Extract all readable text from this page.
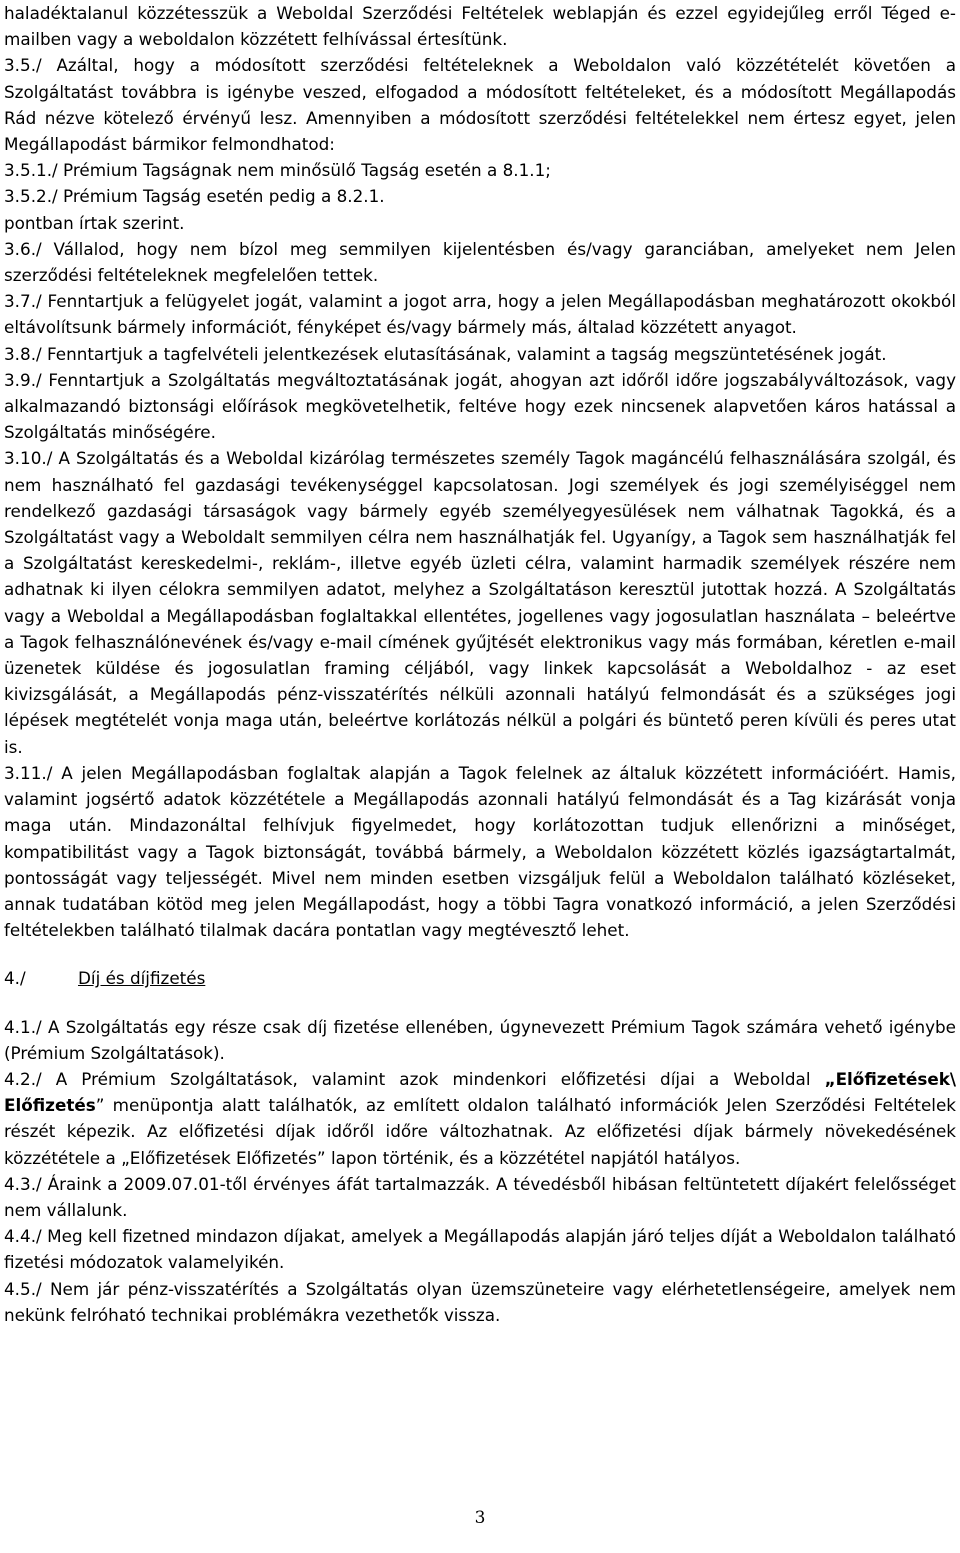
haladéktalanul közzétesszük a Weboldal Szerződési Feltételek weblapján és ezzel egyidejűleg erről Téged e-mailben vagy a weboldalon közzétett felhívással értesítünk.

3.5./ Azáltal, hogy a módosított szerződési feltételeknek a Weboldalon való közzétételét követően a Szolgáltatást továbbra is igénybe veszed, elfogadod a módosított feltételeket, és a módosított Megállapodás Rád nézve kötelező érvényű lesz. Amennyiben a módosított szerződési feltételekkel nem értesz egyet, jelen Megállapodást bármikor felmondhatod:

3.5.1./ Prémium Tagságnak nem minősülő Tagság esetén a 8.1.1;

3.5.2./ Prémium Tagság esetén pedig a 8.2.1.

pontban írtak szerint.

3.6./ Vállalod, hogy nem bízol meg semmilyen kijelentésben és/vagy garanciában, amelyeket nem Jelen szerződési feltételeknek megfelelően tettek.

3.7./ Fenntartjuk a felügyelet jogát, valamint a jogot arra, hogy a jelen Megállapodásban meghatározott okokból eltávolítsunk bármely információt, fényképet és/vagy bármely más, általad közzétett anyagot.

3.8./ Fenntartjuk a tagfelvételi jelentkezések elutasításának, valamint a tagság megszüntetésének jogát.

3.9./ Fenntartjuk a Szolgáltatás megváltoztatásának jogát, ahogyan azt időről időre jogszabályváltozások, vagy alkalmazandó biztonsági előírások megkövetelhetik, feltéve hogy ezek nincsenek alapvetően káros hatással a Szolgáltatás minőségére.

3.10./ A Szolgáltatás és a Weboldal kizárólag természetes személy Tagok magáncélú felhasználására szolgál, és nem használható fel gazdasági tevékenységgel kapcsolatosan. Jogi személyek és jogi személyiséggel nem rendelkező gazdasági társaságok vagy bármely egyéb személyegyesülések nem válhatnak Tagokká, és a Szolgáltatást vagy a Weboldalt semmilyen célra nem használhatják fel. Ugyanígy, a Tagok sem használhatják fel a Szolgáltatást kereskedelmi-, reklám-, illetve egyéb üzleti célra, valamint harmadik személyek részére nem adhatnak ki ilyen célokra semmilyen adatot, melyhez a Szolgáltatáson keresztül jutottak hozzá. A Szolgáltatás vagy a Weboldal a Megállapodásban foglaltakkal ellentétes, jogellenes vagy jogosulatlan használata – beleértve a Tagok felhasználónevének és/vagy e-mail címének gyűjtését elektronikus vagy más formában, kéretlen e-mail üzenetek küldése és jogosulatlan framing céljából, vagy linkek kapcsolását a Weboldalhoz - az eset kivizsgálását, a Megállapodás pénz-visszatérítés nélküli azonnali hatályú felmondását és a szükséges jogi lépések megtételét vonja maga után, beleértve korlátozás nélkül a polgári és büntető peren kívüli és peres utat is.

3.11./ A jelen Megállapodásban foglaltak alapján a Tagok felelnek az általuk közzétett információért. Hamis, valamint jogsértő adatok közzététele a Megállapodás azonnali hatályú felmondását és a Tag kizárását vonja maga után. Mindazonáltal felhívjuk figyelmedet, hogy korlátozottan tudjuk ellenőrizni a minőséget, kompatibilitást vagy a Tagok biztonságát, továbbá bármely, a Weboldalon közzétett közlés igazságtartalmát, pontosságát vagy teljességét. Mivel nem minden esetben vizsgáljuk felül a Weboldalon található közléseket, annak tudatában kötöd meg jelen Megállapodást, hogy a többi Tagra vonatkozó információ, a jelen Szerződési feltételekben található tilalmak dacára pontatlan vagy megtévesztő lehet.

4./	Díj és díjfizetés

4.1./ A Szolgáltatás egy része csak díj fizetése ellenében, úgynevezett Prémium Tagok számára vehető igénybe (Prémium Szolgáltatások).

4.2./ A Prémium Szolgáltatások, valamint azok mindenkori előfizetési díjai a Weboldal „Előfizetések\ Előfizetés” menüpontja alatt találhatók, az említett oldalon található információk Jelen Szerződési Feltételek részét képezik. Az előfizetési díjak időről időre változhatnak. Az előfizetési díjak bármely növekedésének közzététele a „Előfizetések Előfizetés” lapon történik, és a közzététel napjától hatályos.

4.3./ Áraink a 2009.07.01-től érvényes áfát tartalmazzák. A tévedésből hibásan feltüntetett díjakért felelősséget nem vállalunk.

4.4./ Meg kell fizetned mindazon díjakat, amelyek a Megállapodás alapján járó teljes díját a Weboldalon található fizetési módozatok valamelyikén.

4.5./ Nem jár pénz-visszatérítés a Szolgáltatás olyan üzemszüneteire vagy elérhetetlenségeire, amelyek nem nekünk felróható technikai problémákra vezethetők vissza.

3
